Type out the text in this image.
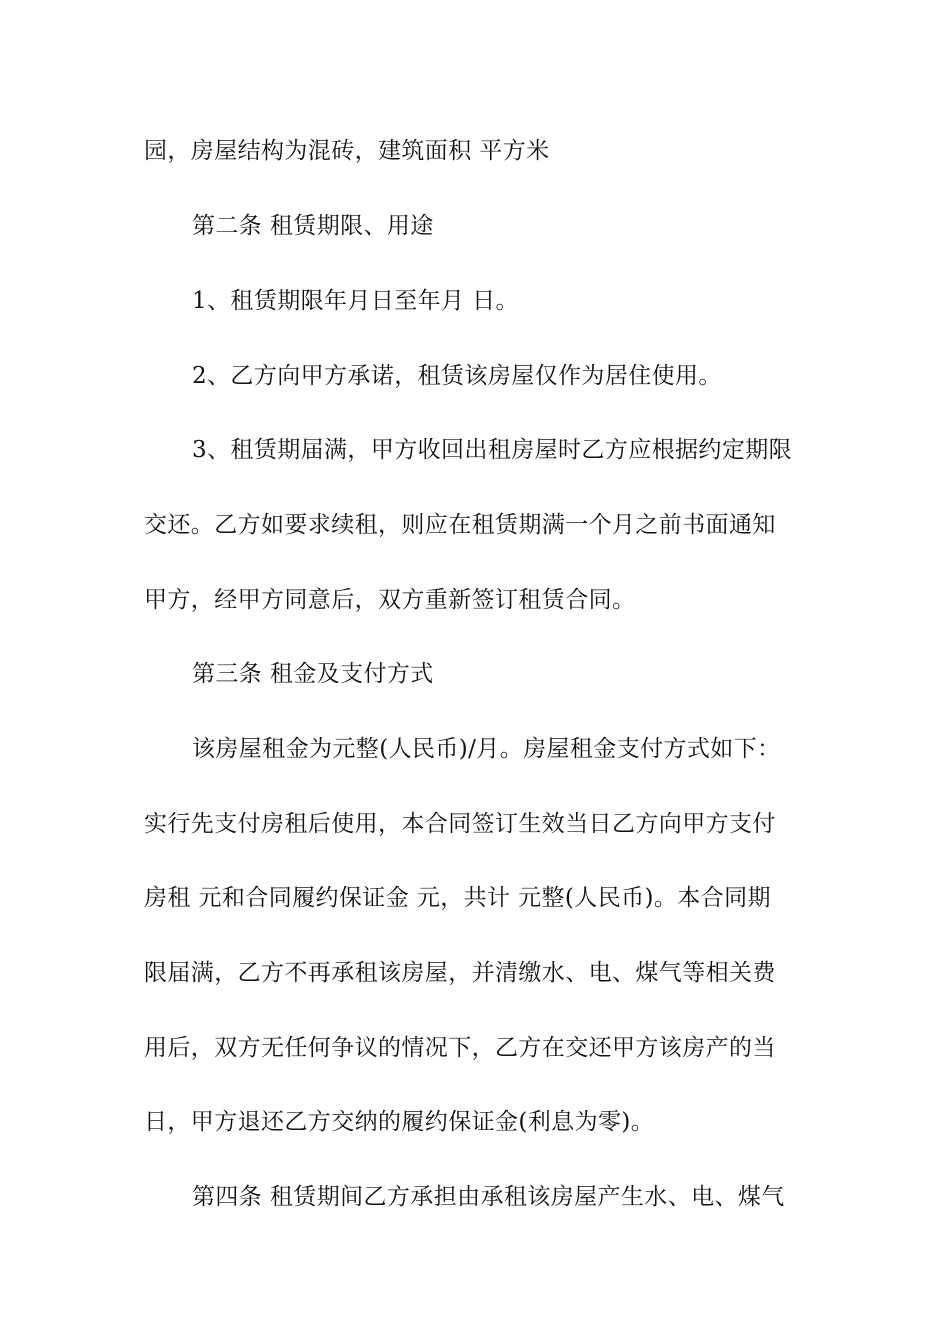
园，房屋结构为混砖，建筑面积 平方米
第二条 租赁期限、用途
1、租赁期限年月日至年月 日。
2、乙方向甲方承诺，租赁该房屋仅作为居住使用。
3、租赁期届满，甲方收回出租房屋时乙方应根据约定期限
交还。乙方如要求续租，则应在租赁期满一个月之前书面通知
甲方，经甲方同意后，双方重新签订租赁合同。
第三条 租金及支付方式
该房屋租金为元整(人民币)/月。房屋租金支付方式如下：
实行先支付房租后使用，本合同签订生效当日乙方向甲方支付
房租 元和合同履约保证金 元，共计 元整(人民币)。本合同期
限届满，乙方不再承租该房屋，并清缴水、电、煤气等相关费
用后，双方无任何争议的情况下，乙方在交还甲方该房产的当
日，甲方退还乙方交纳的履约保证金(利息为零)。
第四条 租赁期间乙方承担由承租该房屋产生水、电、煤气
